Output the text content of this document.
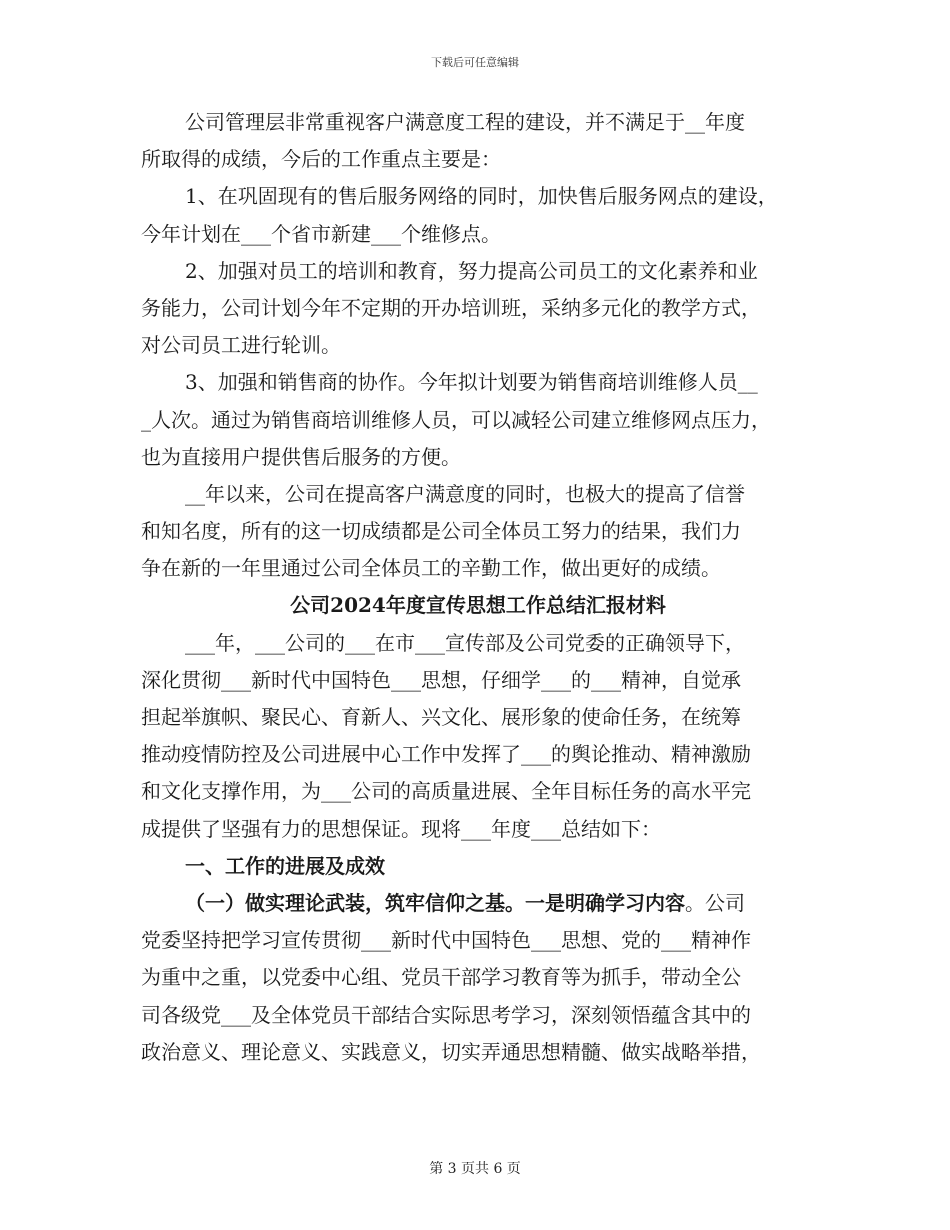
下载后可任意编辑
公司管理层非常重视客户满意度工程的建设，并不满足于__年度
所取得的成绩，今后的工作重点主要是：
1、在巩固现有的售后服务网络的同时，加快售后服务网点的建设，
今年计划在___个省市新建___个维修点。
2、加强对员工的培训和教育，努力提高公司员工的文化素养和业
务能力，公司计划今年不定期的开办培训班，采纳多元化的教学方式，
对公司员工进行轮训。
3、加强和销售商的协作。今年拟计划要为销售商培训维修人员__
_人次。通过为销售商培训维修人员，可以减轻公司建立维修网点压力，
也为直接用户提供售后服务的方便。
__年以来，公司在提高客户满意度的同时，也极大的提高了信誉
和知名度，所有的这一切成绩都是公司全体员工努力的结果，我们力
争在新的一年里通过公司全体员工的辛勤工作，做出更好的成绩。
公司2024年度宣传思想工作总结汇报材料
___年，___公司的___在市___宣传部及公司党委的正确领导下，
深化贯彻___新时代中国特色___思想，仔细学___的___精神，自觉承
担起举旗帜、聚民心、育新人、兴文化、展形象的使命任务，在统筹
推动疫情防控及公司进展中心工作中发挥了___的舆论推动、精神激励
和文化支撑作用，为___公司的高质量进展、全年目标任务的高水平完
成提供了坚强有力的思想保证。现将___年度___总结如下：
一、工作的进展及成效
（一）做实理论武装，筑牢信仰之基。一是明确学习内容。公司
党委坚持把学习宣传贯彻___新时代中国特色___思想、党的___精神作
为重中之重，以党委中心组、党员干部学习教育等为抓手，带动全公
司各级党___及全体党员干部结合实际思考学习，深刻领悟蕴含其中的
政治意义、理论意义、实践意义，切实弄通思想精髓、做实战略举措，
第 3 页共 6 页
